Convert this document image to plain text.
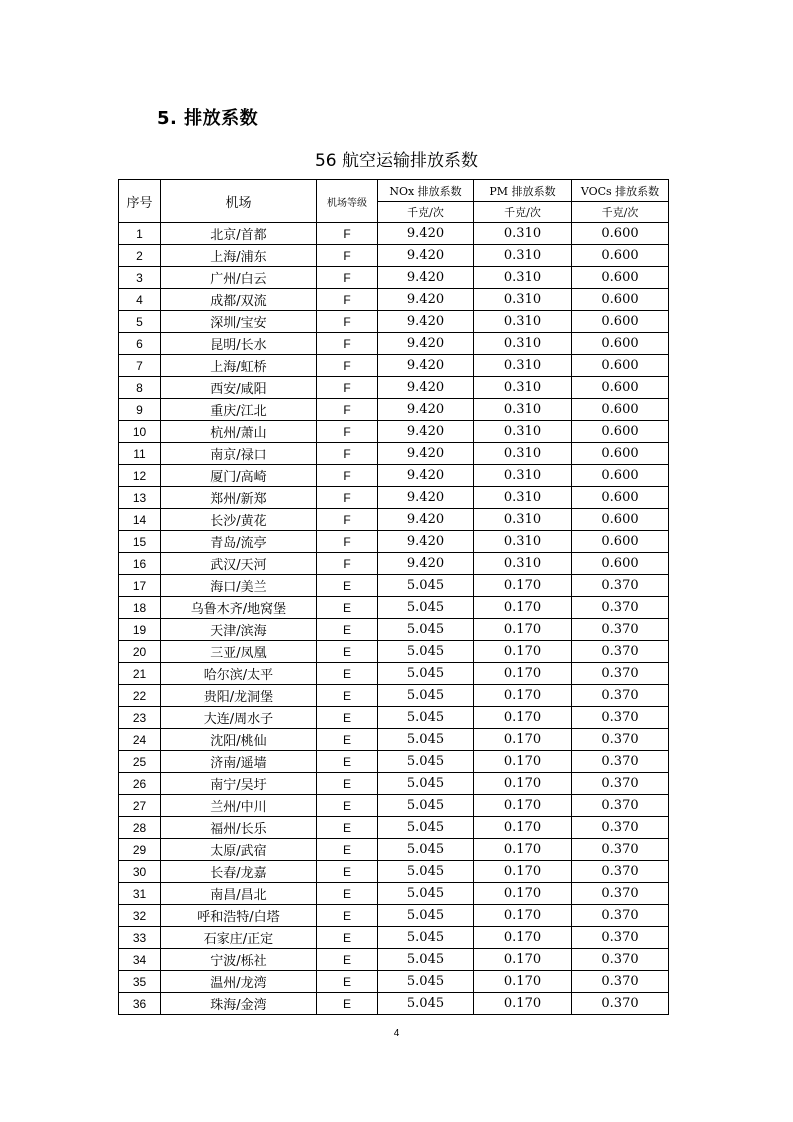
5. 排放系数
56 航空运输排放系数
序号	机场	机场等级	NOx 排放系数	PM 排放系数	VOCs 排放系数
			千克/次	千克/次	千克/次
1	北京/首都	F	9.420	0.310	0.600
2	上海/浦东	F	9.420	0.310	0.600
3	广州/白云	F	9.420	0.310	0.600
4	成都/双流	F	9.420	0.310	0.600
5	深圳/宝安	F	9.420	0.310	0.600
6	昆明/长水	F	9.420	0.310	0.600
7	上海/虹桥	F	9.420	0.310	0.600
8	西安/咸阳	F	9.420	0.310	0.600
9	重庆/江北	F	9.420	0.310	0.600
10	杭州/萧山	F	9.420	0.310	0.600
11	南京/禄口	F	9.420	0.310	0.600
12	厦门/高崎	F	9.420	0.310	0.600
13	郑州/新郑	F	9.420	0.310	0.600
14	长沙/黄花	F	9.420	0.310	0.600
15	青岛/流亭	F	9.420	0.310	0.600
16	武汉/天河	F	9.420	0.310	0.600
17	海口/美兰	E	5.045	0.170	0.370
18	乌鲁木齐/地窝堡	E	5.045	0.170	0.370
19	天津/滨海	E	5.045	0.170	0.370
20	三亚/凤凰	E	5.045	0.170	0.370
21	哈尔滨/太平	E	5.045	0.170	0.370
22	贵阳/龙洞堡	E	5.045	0.170	0.370
23	大连/周水子	E	5.045	0.170	0.370
24	沈阳/桃仙	E	5.045	0.170	0.370
25	济南/遥墙	E	5.045	0.170	0.370
26	南宁/吴圩	E	5.045	0.170	0.370
27	兰州/中川	E	5.045	0.170	0.370
28	福州/长乐	E	5.045	0.170	0.370
29	太原/武宿	E	5.045	0.170	0.370
30	长春/龙嘉	E	5.045	0.170	0.370
31	南昌/昌北	E	5.045	0.170	0.370
32	呼和浩特/白塔	E	5.045	0.170	0.370
33	石家庄/正定	E	5.045	0.170	0.370
34	宁波/栎社	E	5.045	0.170	0.370
35	温州/龙湾	E	5.045	0.170	0.370
36	珠海/金湾	E	5.045	0.170	0.370
4
